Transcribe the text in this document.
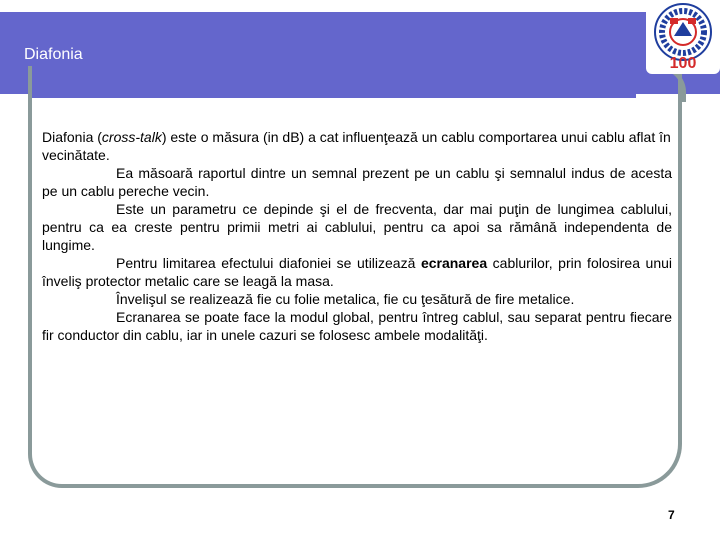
Diafonia
100

Diafonia (cross-talk) este o măsura (in dB) a cat influenţează un cablu comportarea unui cablu aflat în vecinătate.

Ea măsoară raportul dintre un semnal prezent pe un cablu şi semnalul indus de acesta pe un cablu pereche vecin.

Este un parametru ce depinde şi el de frecventa, dar mai puţin de lungimea cablului, pentru ca ea creste pentru primii metri ai cablului, pentru ca apoi sa rămână independenta de lungime.

Pentru limitarea efectului diafoniei se utilizează ecranarea cablurilor, prin folosirea unui înveliş protector metalic care se leagă la masa.

Învelişul se realizează fie cu folie metalica, fie cu ţesătură de fire metalice.

Ecranarea se poate face la modul global, pentru întreg cablul, sau separat pentru fiecare fir conductor din cablu, iar in unele cazuri se folosesc ambele modalităţi.

7
